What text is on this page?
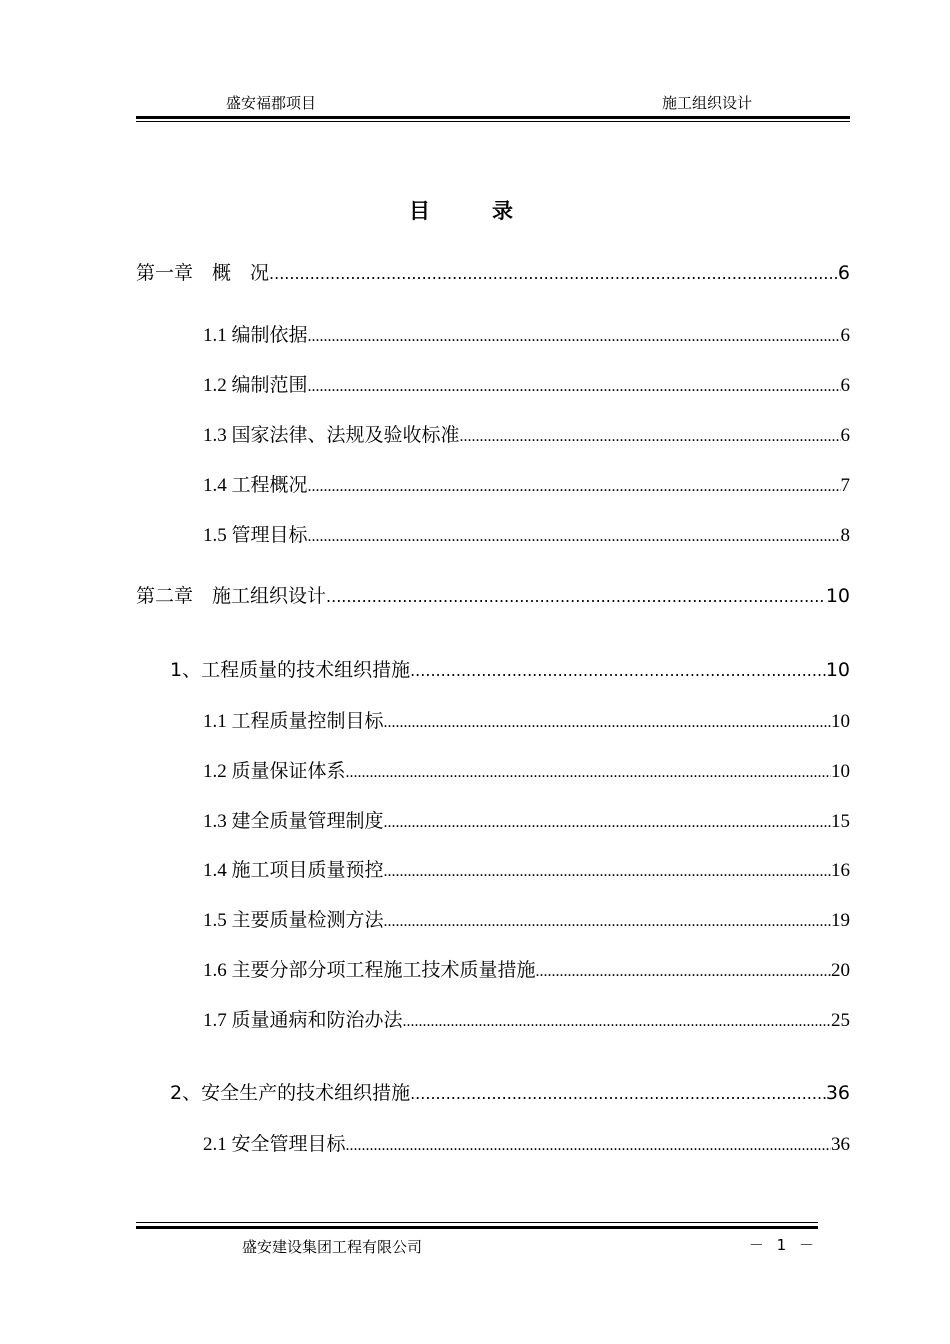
盛安福郡项目	施工组织设计
目录
第一章　概　况 .....	6
1.1 编制依据 .....	6
1.2 编制范围 .....	6
1.3 国家法律、法规及验收标准 .....	6
1.4 工程概况 .....	7
1.5 管理目标 .....	8
第二章　施工组织设计 .....	10
1、工程质量的技术组织措施 .....	10
1.1 工程质量控制目标 .....	10
1.2 质量保证体系 .....	10
1.3 建全质量管理制度 .....	15
1.4 施工项目质量预控 .....	16
1.5 主要质量检测方法 .....	19
1.6 主要分部分项工程施工技术质量措施 .....	20
1.7 质量通病和防治办法 .....	25
2、安全生产的技术组织措施 .....	36
2.1 安全管理目标 .....	36
盛安建设集团工程有限公司	－ 1 －
